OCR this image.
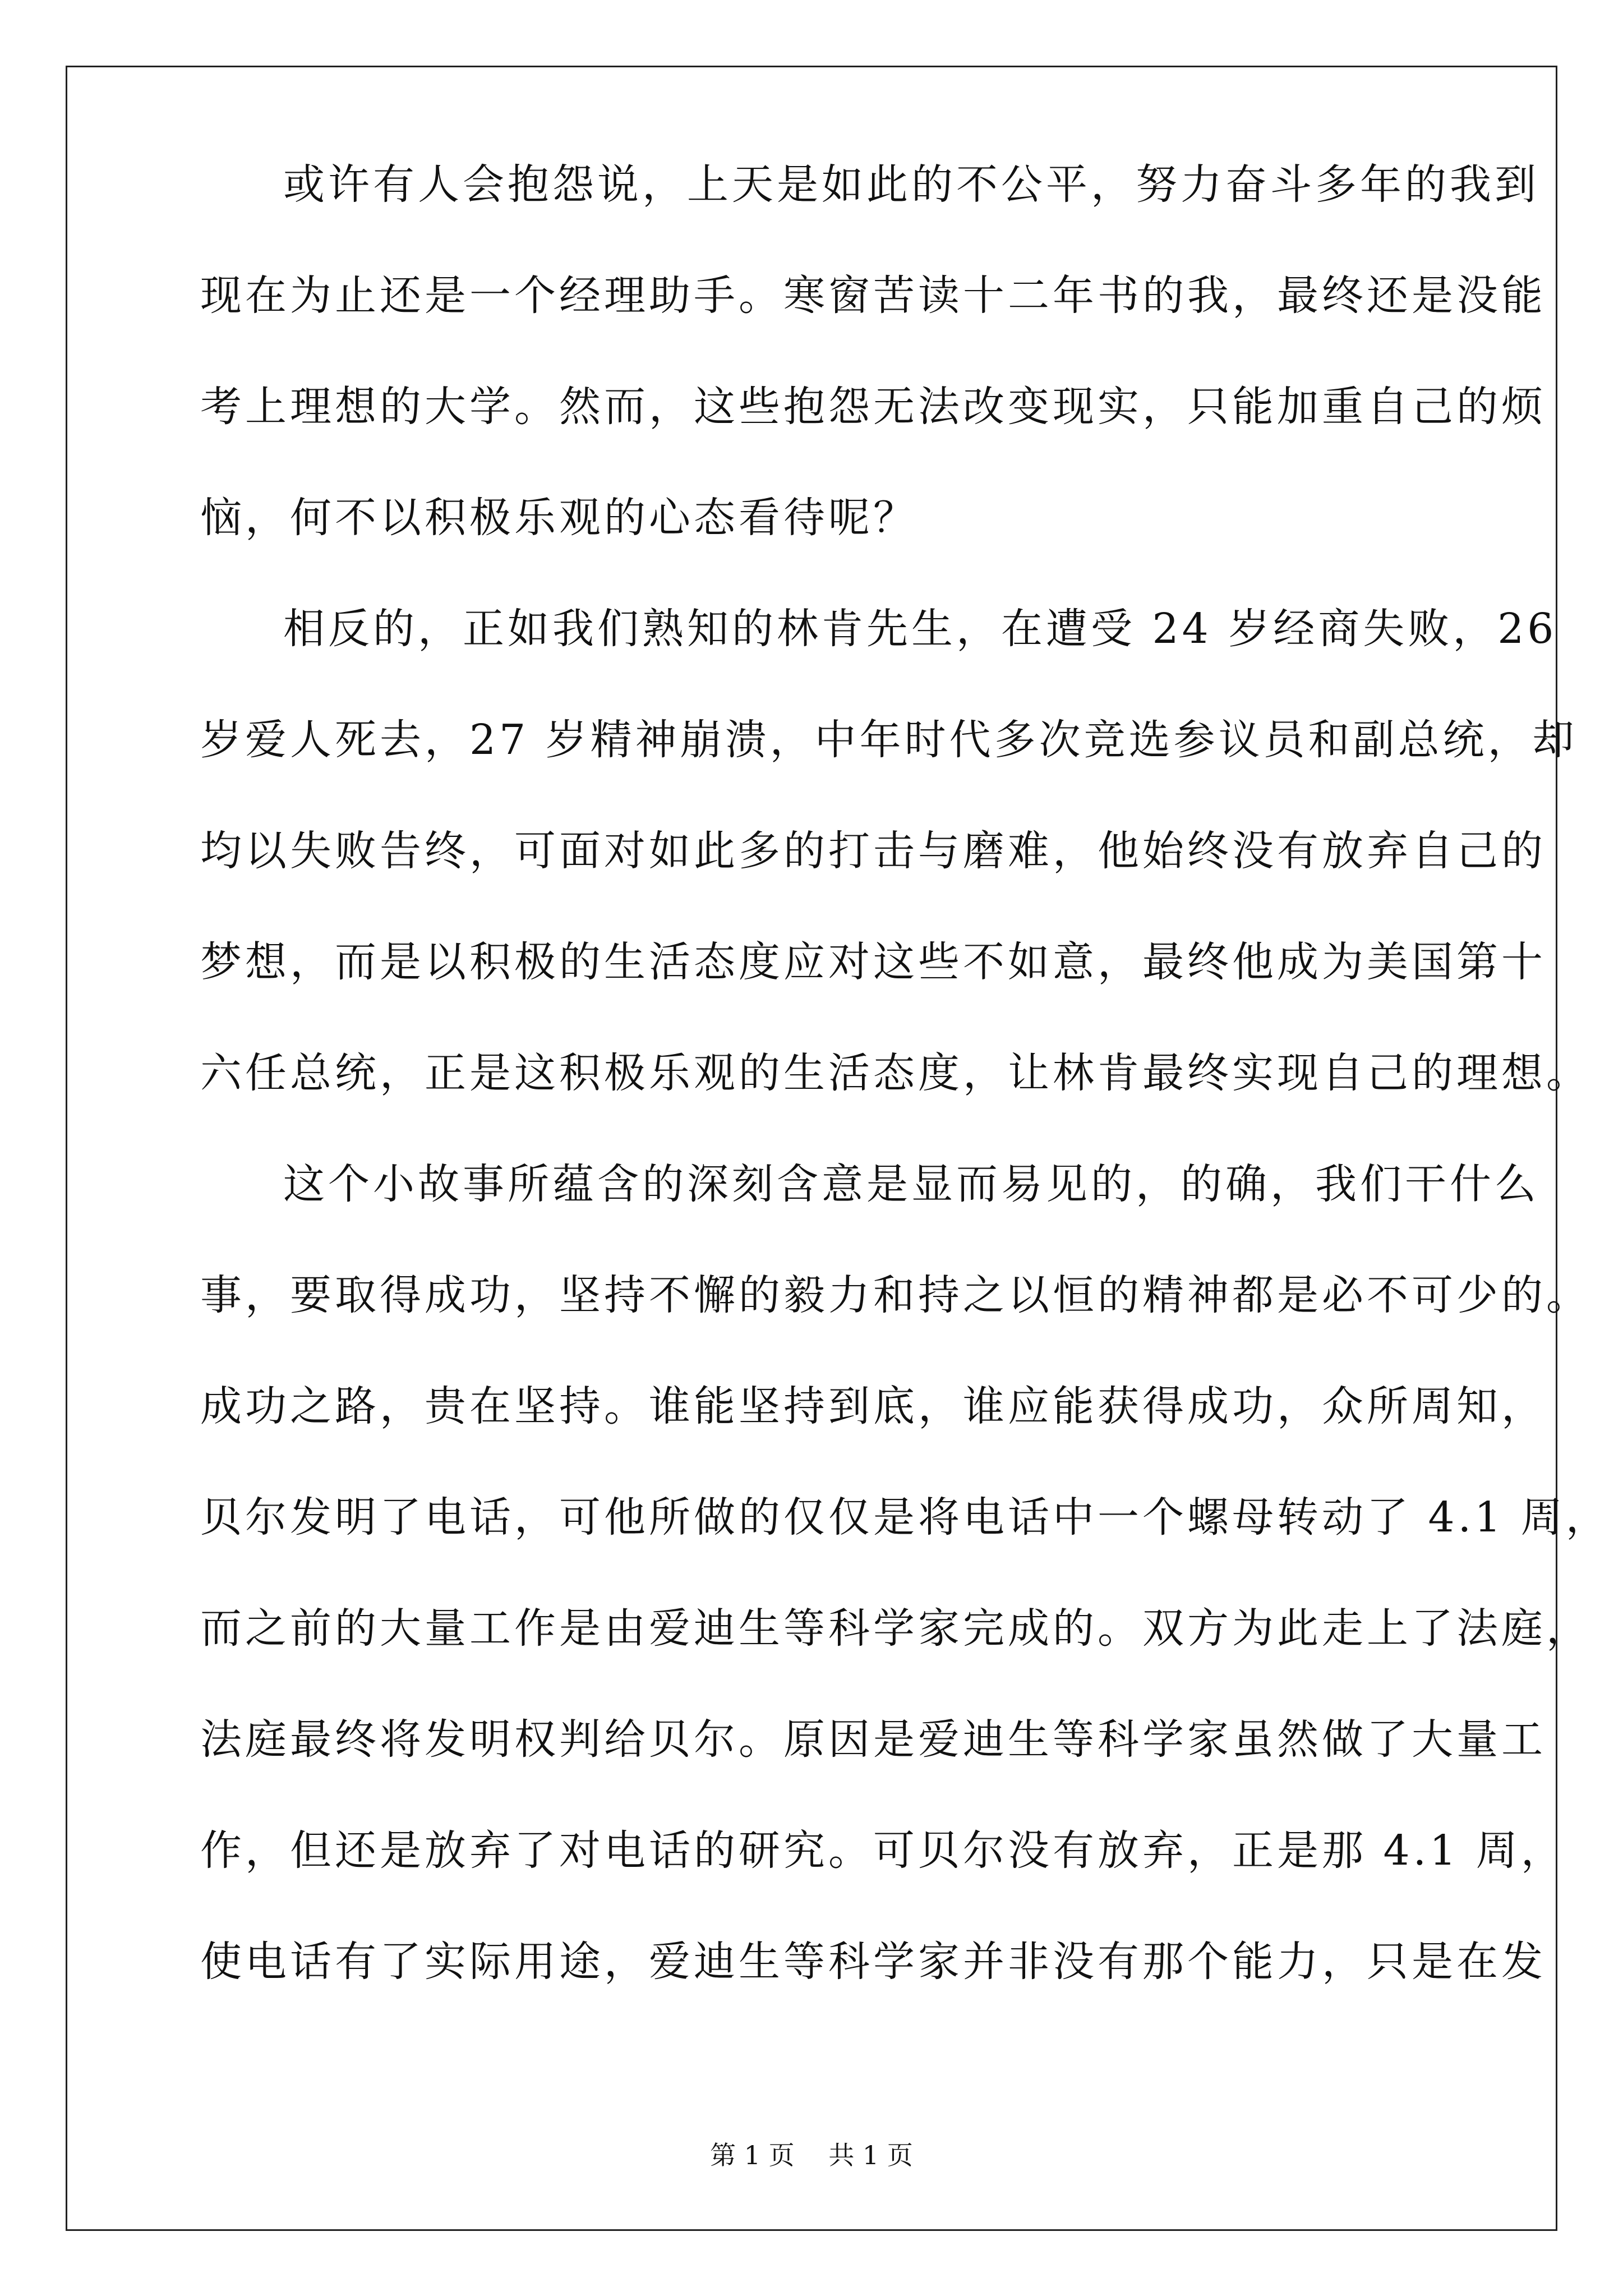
或许有人会抱怨说，上天是如此的不公平，努力奋斗多年的我到
现在为止还是一个经理助手。寒窗苦读十二年书的我，最终还是没能
考上理想的大学。然而，这些抱怨无法改变现实，只能加重自己的烦
恼，何不以积极乐观的心态看待呢？
相反的，正如我们熟知的林肯先生，在遭受 24 岁经商失败，26
岁爱人死去，27 岁精神崩溃，中年时代多次竞选参议员和副总统，却
均以失败告终，可面对如此多的打击与磨难，他始终没有放弃自己的
梦想，而是以积极的生活态度应对这些不如意，最终他成为美国第十
六任总统，正是这积极乐观的生活态度，让林肯最终实现自己的理想。
这个小故事所蕴含的深刻含意是显而易见的，的确，我们干什么
事，要取得成功，坚持不懈的毅力和持之以恒的精神都是必不可少的。
成功之路，贵在坚持。谁能坚持到底，谁应能获得成功，众所周知，
贝尔发明了电话，可他所做的仅仅是将电话中一个螺母转动了 4.1 周，
而之前的大量工作是由爱迪生等科学家完成的。双方为此走上了法庭，
法庭最终将发明权判给贝尔。原因是爱迪生等科学家虽然做了大量工
作，但还是放弃了对电话的研究。可贝尔没有放弃，正是那 4.1 周，
使电话有了实际用途，爱迪生等科学家并非没有那个能力，只是在发
第 1 页 共 1 页
